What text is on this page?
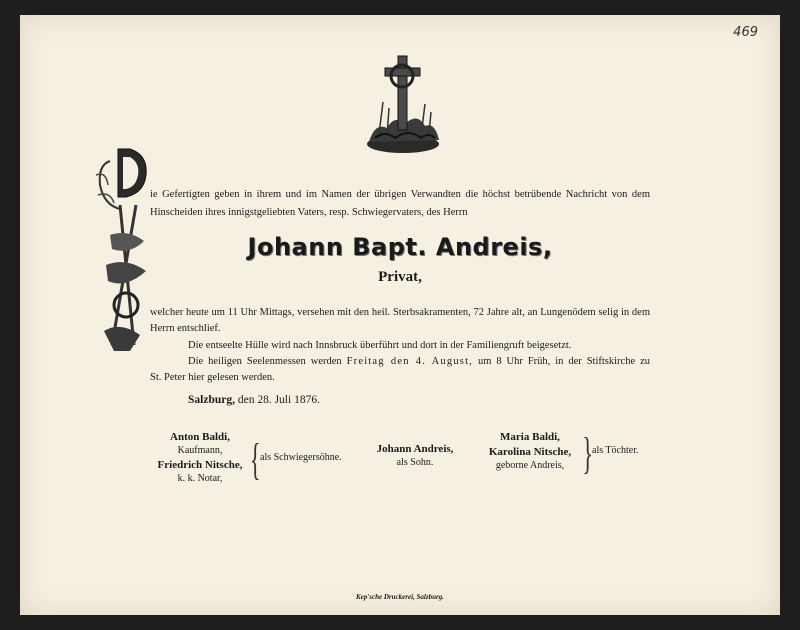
469
ie Gefertigten geben in ihrem und im Namen der übrigen Verwandten die höchst betrübende Nachricht von dem Hinscheiden ihres innigstgeliebten Vaters, resp. Schwiegervaters, des Herrn
Johann Bapt. Andreis,
Privat,
welcher heute um 11 Uhr Mittags, versehen mit den heil. Sterbsakramenten, 72 Jahre alt, an Lungenödem selig in dem Herrn entschlief.
Die entseelte Hülle wird nach Innsbruck überführt und dort in der Familiengruft beigesetzt.
Die heiligen Seelenmessen werden Freitag den 4. August, um 8 Uhr Früh, in der Stiftskirche zu
St. Peter hier gelesen werden.
Salzburg, den 28. Juli 1876.
Anton Baldi,
Kaufmann,
Friedrich Nitsche,
k. k. Notar, { als Schwiegersöhne.
Johann Andreis,
als Sohn.
Maria Baldi,
Karolina Nitsche,
geborne Andreis, { als Töchter.
Kep'sche Druckerei, Salzburg.
